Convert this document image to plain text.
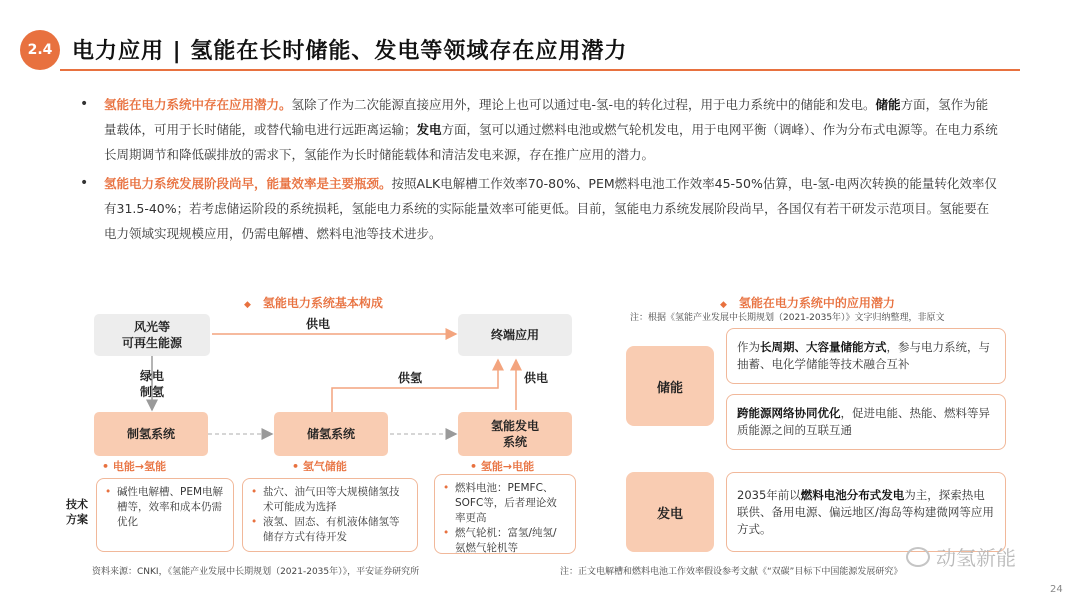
2.4 电力应用 | 氢能在长时储能、发电等领域存在应用潜力
• 氢能在电力系统中存在应用潜力。氢除了作为二次能源直接应用外，理论上也可以通过电-氢-电的转化过程，用于电力系统中的储能和发电。储能方面，氢作为能量载体，可用于长时储能，或替代输电进行远距离运输；发电方面，氢可以通过燃料电池或燃气轮机发电，用于电网平衡（调峰）、作为分布式电源等。在电力系统长周期调节和降低碳排放的需求下，氢能作为长时储能载体和清洁发电来源，存在推广应用的潜力。
• 氢能电力系统发展阶段尚早，能量效率是主要瓶颈。按照ALK电解槽工作效率70-80%、PEM燃料电池工作效率45-50%估算，电-氢-电两次转换的能量转化效率仅有31.5-40%；若考虑储运阶段的系统损耗，氢能电力系统的实际能量效率可能更低。目前，氢能电力系统发展阶段尚早，各国仅有若干研发示范项目。氢能要在电力领域实现规模应用，仍需电解槽、燃料电池等技术进步。
◆ 氢能电力系统基本构成
风光等
可再生能源
终端应用
供电
绿电
制氢
供氢	供电
制氢系统	储氢系统
氢能发电
系统
• 电能→氢能	• 氢气储能	• 氢能→电能
技术
方案
• 碱性电解槽、PEM电解槽等，效率和成本仍需优化
• 盐穴、油气田等大规模储氢技术可能成为选择
• 液氢、固态、有机液体储氢等储存方式有待开发
• 燃料电池：PEMFC、SOFC等，后者理论效率更高
• 燃气轮机：富氢/纯氢/氨燃气轮机等
资料来源：CNKI，《氢能产业发展中长期规划（2021-2035年）》，平安证券研究所
◆ 氢能在电力系统中的应用潜力
注：根据《氢能产业发展中长期规划（2021-2035年）》文字归纳整理，非原文
储能
作为长周期、大容量储能方式，参与电力系统，与抽蓄、电化学储能等技术融合互补
跨能源网络协同优化，促进电能、热能、燃料等异质能源之间的互联互通
发电
2035年前以燃料电池分布式发电为主，探索热电联供、备用电源、偏远地区/海岛等构建微网等应用方式。
注：正文电解槽和燃料电池工作效率假设参考文献《“双碳”目标下中国能源发展研究》
动氢新能
24
